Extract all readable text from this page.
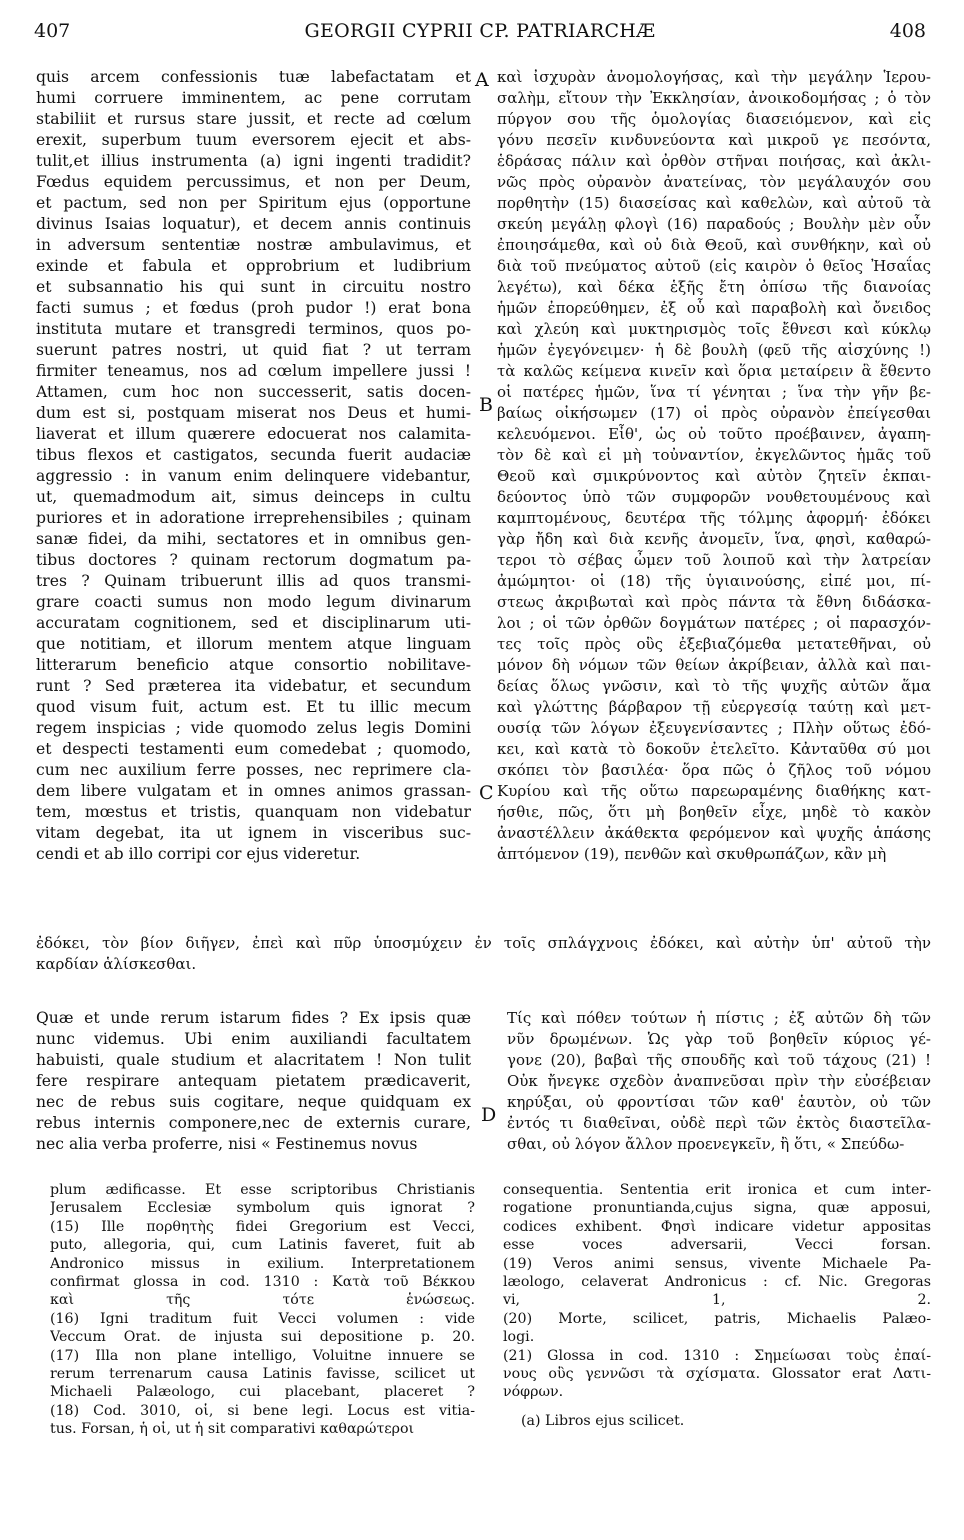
407	GEORGII CYPRII CP. PATRIARCHÆ	408
A
B
C
D
quis arcem confessionis tuæ labefactatam et
humi corruere imminentem, ac pene corrutam
stabiliit et rursus stare jussit, et recte ad cœlum
erexit, superbum tuum eversorem ejecit et abs-
tulit,et illius instrumenta (a) igni ingenti tradidit?
Fœdus equidem percussimus, et non per Deum,
et pactum, sed non per Spiritum ejus (opportune
divinus Isaias loquatur), et decem annis continuis
in adversum sententiæ nostræ ambulavimus, et
exinde et fabula et opprobrium et ludibrium
et subsannatio his qui sunt in circuitu nostro
facti sumus ; et fœdus (proh pudor !) erat bona
instituta mutare et transgredi terminos, quos po-
suerunt patres nostri, ut quid fiat ? ut terram
firmiter teneamus, nos ad cœlum impellere jussi !
Attamen, cum hoc non successerit, satis docen-
dum est si, postquam miserat nos Deus et humi-
liaverat et illum quærere edocuerat nos calamita-
tibus flexos et castigatos, secunda fuerit audaciæ
aggressio : in vanum enim delinquere videbantur,
ut, quemadmodum ait, simus deinceps in cultu
puriores et in adoratione irreprehensibiles ; quinam
sanæ fidei, da mihi, sectatores et in omnibus gen-
tibus doctores ? quinam rectorum dogmatum pa-
tres ? Quinam tribuerunt illis ad quos transmi-
grare coacti sumus non modo legum divinarum
accuratam cognitionem, sed et disciplinarum uti-
que notitiam, et illorum mentem atque linguam
litterarum beneficio atque consortio nobilitave-
runt ? Sed præterea ita videbatur, et secundum
quod visum fuit, actum est. Et tu illic mecum
regem inspicias ; vide quomodo zelus legis Domini
et despecti testamenti eum comedebat ; quomodo,
cum nec auxilium ferre posses, nec reprimere cla-
dem libere vulgatam et in omnes animos grassan-
tem, mœstus et tristis, quanquam non videbatur
vitam degebat, ita ut ignem in visceribus suc-
cendi et ab illo corripi cor ejus videretur.
καὶ ἰσχυρὰν ἀνομολογήσας, καὶ τὴν μεγάλην Ἱερου-
σαλὴμ, εἴτουν τὴν Ἐκκλησίαν, ἀνοικοδομήσας ; ὁ τὸν
πύργον σου τῆς ὁμολογίας διασειόμενον, καὶ εἰς
γόνυ πεσεῖν κινδυνεύοντα καὶ μικροῦ γε πεσόντα,
ἑδράσας πάλιν καὶ ὀρθὸν στῆναι ποιήσας, καὶ ἀκλι-
νῶς πρὸς οὐρανὸν ἀνατείνας, τὸν μεγάλαυχόν σου
πορθητὴν (15) διασείσας καὶ καθελὼν, καὶ αὐτοῦ τὰ
σκεύη μεγάλῃ φλογὶ (16) παραδούς ; Βουλὴν μὲν οὖν
ἐποιησάμεθα, καὶ οὐ διὰ Θεοῦ, καὶ συνθήκην, καὶ οὐ
διὰ τοῦ πνεύματος αὐτοῦ (εἰς καιρὸν ὁ θεῖος Ἠσαΐας
λεγέτω), καὶ δέκα ἑξῆς ἔτη ὀπίσω τῆς διανοίας
ἡμῶν ἐπορεύθημεν, ἐξ οὗ καὶ παραβολὴ καὶ ὄνειδος
καὶ χλεύη καὶ μυκτηρισμὸς τοῖς ἔθνεσι καὶ κύκλῳ
ἡμῶν ἐγεγόνειμεν· ἡ δὲ βουλὴ (φεῦ τῆς αἰσχύνης !)
τὰ καλῶς κείμενα κινεῖν καὶ ὅρια μεταίρειν ἃ ἔθεντο
οἱ πατέρες ἡμῶν, ἵνα τί γένηται ; ἵνα τὴν γῆν βε-
βαίως οἰκήσωμεν (17) οἱ πρὸς οὐρανὸν ἐπείγεσθαι
κελευόμενοι. Εἶθ', ὡς οὐ τοῦτο προέβαινεν, ἀγαπη-
τὸν δὲ καὶ εἰ μὴ τοὐναντίον, ἐκγελῶντος ἡμᾶς τοῦ
Θεοῦ καὶ σμικρύνοντος καὶ αὐτὸν ζητεῖν ἐκπαι-
δεύοντος ὑπὸ τῶν συμφορῶν νουθετουμένους καὶ
καμπτομένους, δευτέρα τῆς τόλμης ἀφορμή· ἐδόκει
γὰρ ἤδη καὶ διὰ κενῆς ἀνομεῖν, ἵνα, φησὶ, καθαρώ-
τεροι τὸ σέβας ὦμεν τοῦ λοιποῦ καὶ τὴν λατρείαν
ἀμώμητοι· οἱ (18) τῆς ὑγιαινούσης, εἰπέ μοι, πί-
στεως ἀκριβωταὶ καὶ πρὸς πάντα τὰ ἔθνη διδάσκα-
λοι ; οἱ τῶν ὀρθῶν δογμάτων πατέρες ; οἱ παρασχόν-
τες τοῖς πρὸς οὓς ἐξεβιαζόμεθα μετατεθῆναι, οὐ
μόνον δὴ νόμων τῶν θείων ἀκρίβειαν, ἀλλὰ καὶ παι-
δείας ὅλως γνῶσιν, καὶ τὸ τῆς ψυχῆς αὐτῶν ἅμα
καὶ γλώττης βάρβαρον τῇ εὐεργεσίᾳ ταύτῃ καὶ μετ-
ουσίᾳ τῶν λόγων ἐξευγενίσαντες ; Πλὴν οὕτως ἐδό-
κει, καὶ κατὰ τὸ δοκοῦν ἐτελεῖτο. Κἀνταῦθα σύ μοι
σκόπει τὸν βασιλέα· ὅρα πῶς ὁ ζῆλος τοῦ νόμου
Κυρίου καὶ τῆς οὕτω παρεωραμένης διαθήκης κατ-
ήσθιε, πῶς, ὅτι μὴ βοηθεῖν εἶχε, μηδὲ τὸ κακὸν
ἀναστέλλειν ἀκάθεκτα φερόμενον καὶ ψυχῆς ἁπάσης
ἁπτόμενον (19), πενθῶν καὶ σκυθρωπάζων, κἂν μὴ
ἐδόκει, τὸν βίον διῆγεν, ἐπεὶ καὶ πῦρ ὑποσμύχειν ἐν τοῖς σπλάγχνοις ἐδόκει, καὶ αὐτὴν ὑπ' αὐτοῦ τὴν
καρδίαν ἁλίσκεσθαι.
Quæ et unde rerum istarum fides ? Ex ipsis quæ
nunc videmus. Ubi enim auxiliandi facultatem
habuisti, quale studium et alacritatem ! Non tulit
fere respirare antequam pietatem prædicaverit,
nec de rebus suis cogitare, neque quidquam ex
rebus internis componere,nec de externis curare,
nec alia verba proferre, nisi « Festinemus novus
Τίς καὶ πόθεν τούτων ἡ πίστις ; ἐξ αὐτῶν δὴ τῶν
νῦν δρωμένων. Ὡς γὰρ τοῦ βοηθεῖν κύριος γέ-
γονε (20), βαβαὶ τῆς σπουδῆς καὶ τοῦ τάχους (21) !
Οὐκ ἤνεγκε σχεδὸν ἀναπνεῦσαι πρὶν τὴν εὐσέβειαν
κηρύξαι, οὐ φροντίσαι τῶν καθ' ἑαυτὸν, οὐ τῶν
ἐντός τι διαθεῖναι, οὐδὲ περὶ τῶν ἐκτὸς διαστεῖλα-
σθαι, οὐ λόγον ἄλλον προενεγκεῖν, ἢ ὅτι, « Σπεύδω-
plum ædificasse. Et esse scriptoribus Christianis
Jerusalem Ecclesiæ symbolum quis ignorat ?
(15) Ille πορθητὴς fidei Gregorium est Vecci,
puto, allegoria, qui, cum Latinis faveret, fuit ab
Andronico missus in exilium. Interpretationem
confirmat glossa in cod. 1310 : Κατὰ τοῦ Βέκκου
καὶ τῆς τότε ἑνώσεως.
(16) Igni traditum fuit Vecci volumen : vide
Veccum Orat. de injusta sui depositione p. 20.
(17) Illa non plane intelligo, Voluitne innuere se
rerum terrenarum causa Latinis favisse, scilicet ut
Michaeli Palæologo, cui placebant, placeret ?
(18) Cod. 3010, οἱ, si bene legi. Locus est vitia-
tus. Forsan, ἡ οἱ, ut ἡ sit comparativi καθαρώτεροι
consequentia. Sententia erit ironica et cum inter-
rogatione pronuntianda,cujus signa, quæ apposui,
codices exhibent. Φησὶ indicare videtur appositas
esse voces adversarii, Vecci forsan.
(19) Veros animi sensus, vivente Michaele Pa-
læologo, celaverat Andronicus : cf. Nic. Gregoras
vi, 1, 2.
(20) Morte, scilicet, patris, Michaelis Palæo-
logi.
(21) Glossa in cod. 1310 : Σημείωσαι τοὺς ἐπαί-
νους οὓς γεννῶσι τὰ σχίσματα. Glossator erat Λατι-
νόφρων.
(a) Libros ejus scilicet.
